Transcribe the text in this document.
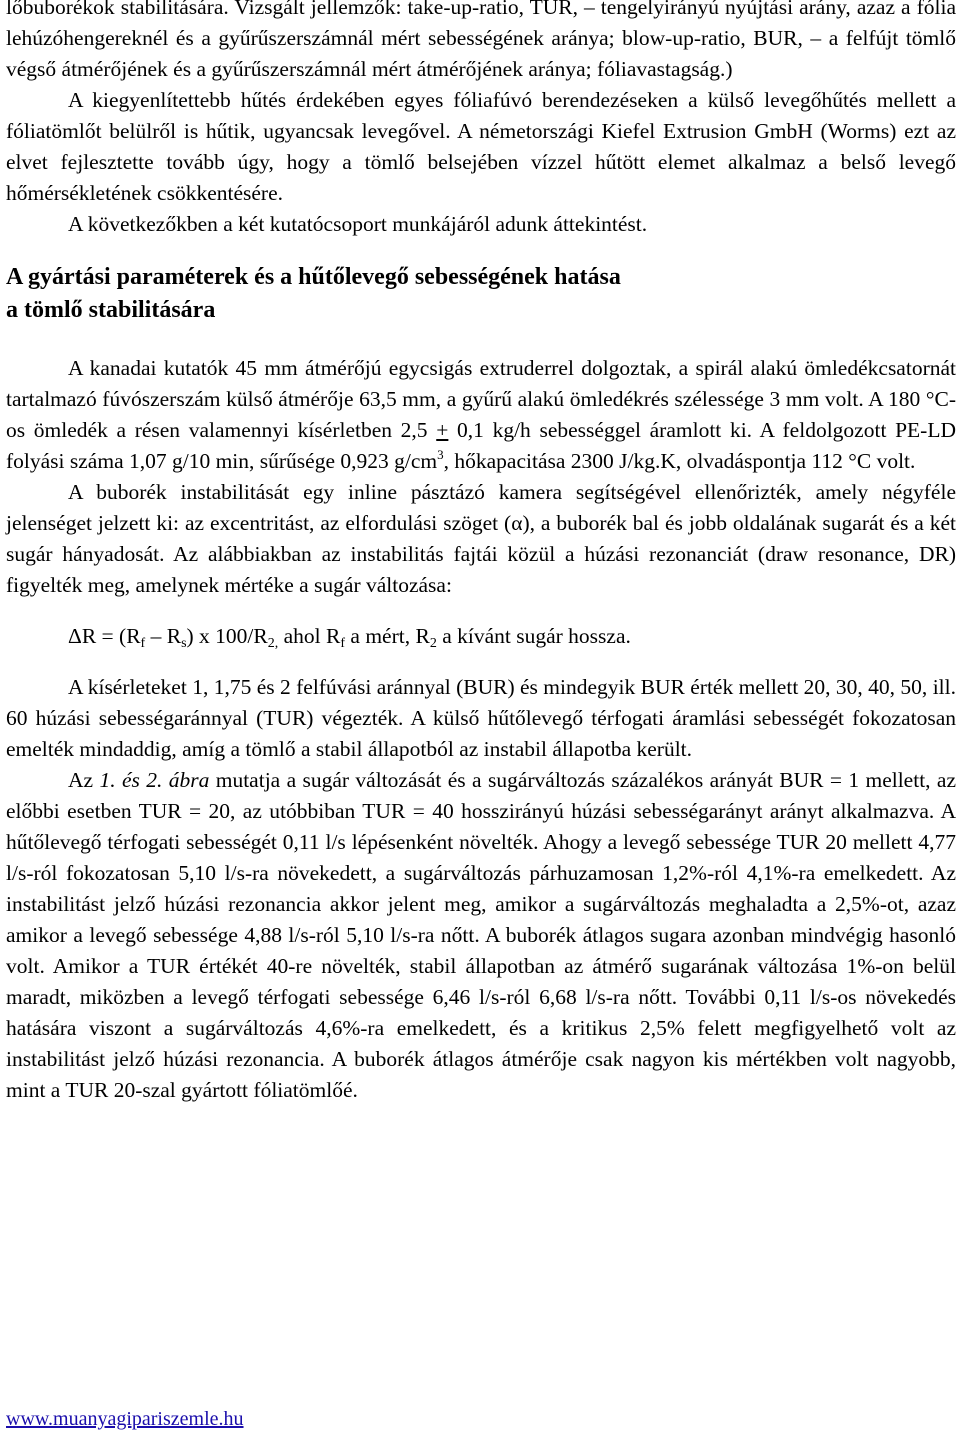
lőbuborékok stabilitására. Vizsgált jellemzők: take-up-ratio, TUR, – tengelyirányú nyújtási arány, azaz a fólia lehúzóhengereknél és a gyűrűszerszámnál mért sebességének aránya; blow-up-ratio, BUR, – a felfújt tömlő végső átmérőjének és a gyűrűszerszámnál mért átmérőjének aránya; fóliavastagság.)

A kiegyenlítettebb hűtés érdekében egyes fóliafúvó berendezéseken a külső levegőhűtés mellett a fóliatömlőt belülről is hűtik, ugyancsak levegővel. A németországi Kiefel Extrusion GmbH (Worms) ezt az elvet fejlesztette tovább úgy, hogy a tömlő belsejében vízzel hűtött elemet alkalmaz a belső levegő hőmérsékletének csökkentésére.

A következőkben a két kutatócsoport munkájáról adunk áttekintést.

A gyártási paraméterek és a hűtőlevegő sebességének hatása
a tömlő stabilitására

A kanadai kutatók 45 mm átmérőjú egycsigás extruderrel dolgoztak, a spirál alakú ömledékcsatornát tartalmazó fúvószerszám külső átmérője 63,5 mm, a gyűrű alakú ömledékrés szélessége 3 mm volt. A 180 °C-os ömledék a résen valamennyi kísérletben 2,5 + 0,1 kg/h sebességgel áramlott ki. A feldolgozott PE-LD folyási száma 1,07 g/10 min, sűrűsége 0,923 $g/cm^3$, hőkapacitása 2300 J/kg.K, olvadáspontja 112 °C volt.

A buborék instabilitását egy inline pásztázó kamera segítségével ellenőrizték, amely négyféle jelenséget jelzett ki: az excentritást, az elfordulási szöget (α), a buborék bal és jobb oldalának sugarát és a két sugár hányadosát. Az alábbiakban az instabilitás fajtái közül a húzási rezonanciát (draw resonance, DR) figyelték meg, amelynek mértéke a sugár változása:

$\Delta R = (R_f - R_s)$ x $100/R_{2,}$ ahol $R_f$ a mért, $R_2$ a kívánt sugár hossza.

A kísérleteket 1, 1,75 és 2 felfúvási aránnyal (BUR) és mindegyik BUR érték mellett 20, 30, 40, 50, ill. 60 húzási sebességaránnyal (TUR) végezték. A külső hűtőlevegő térfogati áramlási sebességét fokozatosan emelték mindaddig, amíg a tömlő a stabil állapotból az instabil állapotba került.

Az 1. és 2. ábra mutatja a sugár változását és a sugárváltozás százalékos arányát BUR = 1 mellett, az előbbi esetben TUR = 20, az utóbbiban TUR = 40 hosszirányú húzási sebességarányt arányt alkalmazva. A hűtőlevegő térfogati sebességét 0,11 l/s lépésenként növelték. Ahogy a levegő sebessége TUR 20 mellett 4,77 l/s-ról fokozatosan 5,10 l/s-ra növekedett, a sugárváltozás párhuzamosan 1,2%-ról 4,1%-ra emelkedett. Az instabilitást jelző húzási rezonancia akkor jelent meg, amikor a sugárváltozás meghaladta a 2,5%-ot, azaz amikor a levegő sebessége 4,88 l/s-ról 5,10 l/s-ra nőtt. A buborék átlagos sugara azonban mindvégig hasonló volt. Amikor a TUR értékét 40-re növelték, stabil állapotban az átmérő sugarának változása 1%-on belül maradt, miközben a levegő térfogati sebessége 6,46 l/s-ról 6,68 l/s-ra nőtt. További 0,11 l/s-os növekedés hatására viszont a sugárváltozás 4,6%-ra emelkedett, és a kritikus 2,5% felett megfigyelhető volt az instabilitást jelző húzási rezonancia. A buborék átlagos átmérője csak nagyon kis mértékben volt nagyobb, mint a TUR 20-szal gyártott fóliatömlőé.

www.muanyagipariszemle.hu
